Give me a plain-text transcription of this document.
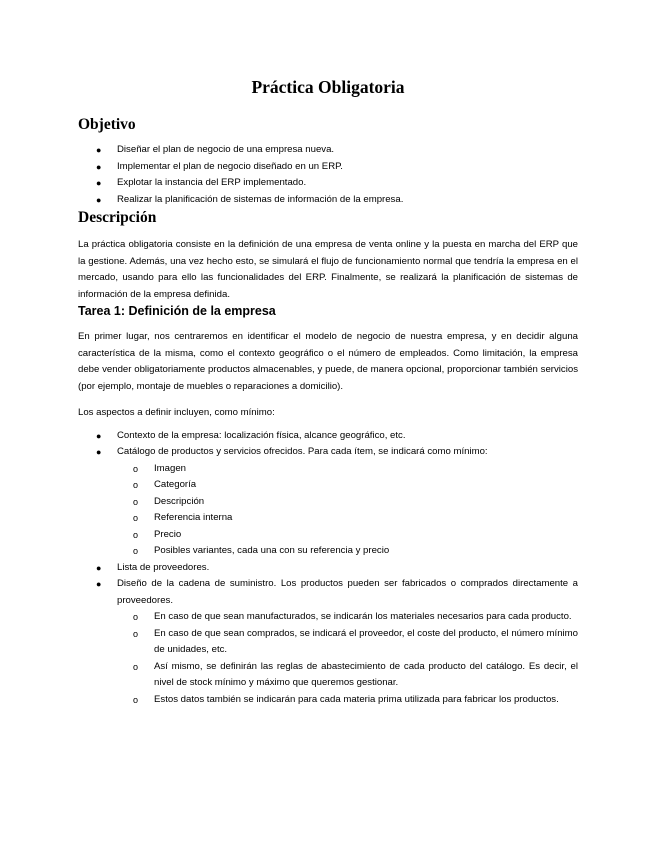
Práctica Obligatoria
Objetivo
● Diseñar el plan de negocio de una empresa nueva.
● Implementar el plan de negocio diseñado en un ERP.
● Explotar la instancia del ERP implementado.
● Realizar la planificación de sistemas de información de la empresa.
Descripción

La práctica obligatoria consiste en la definición de una empresa de venta online y la puesta en marcha del ERP que la gestione. Además, una vez hecho esto, se simulará el flujo de funcionamiento normal que tendría la empresa en el mercado, usando para ello las funcionalidades del ERP. Finalmente, se realizará la planificación de sistemas de información de la empresa definida.

Tarea 1: Definición de la empresa

En primer lugar, nos centraremos en identificar el modelo de negocio de nuestra empresa, y en decidir alguna característica de la misma, como el contexto geográfico o el número de empleados. Como limitación, la empresa debe vender obligatoriamente productos almacenables, y puede, de manera opcional, proporcionar también servicios (por ejemplo, montaje de muebles o reparaciones a domicilio).

Los aspectos a definir incluyen, como mínimo:

● Contexto de la empresa: localización física, alcance geográfico, etc.
● Catálogo de productos y servicios ofrecidos. Para cada ítem, se indicará como mínimo:
o Imagen
o Categoría
o Descripción
o Referencia interna
o Precio
o Posibles variantes, cada una con su referencia y precio
● Lista de proveedores.
● Diseño de la cadena de suministro. Los productos pueden ser fabricados o comprados directamente a proveedores.
o En caso de que sean manufacturados, se indicarán los materiales necesarios para cada producto.
o En caso de que sean comprados, se indicará el proveedor, el coste del producto, el número mínimo de unidades, etc.
o Así mismo, se definirán las reglas de abastecimiento de cada producto del catálogo. Es decir, el nivel de stock mínimo y máximo que queremos gestionar.
o Estos datos también se indicarán para cada materia prima utilizada para fabricar los productos.
